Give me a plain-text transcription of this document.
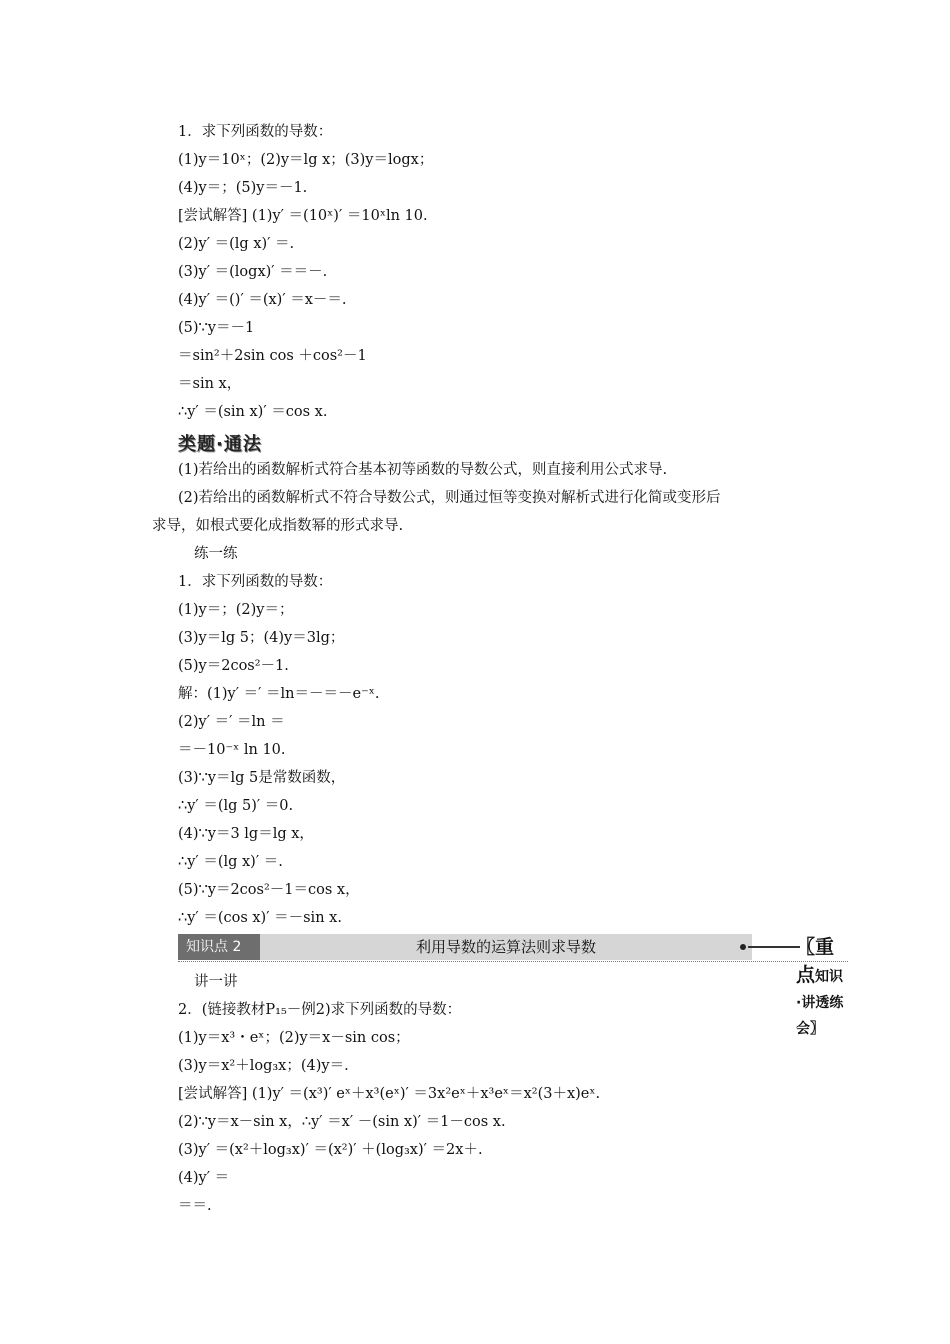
1．求下列函数的导数：
(1)y＝10ˣ；(2)y＝lg x；(3)y＝logx；
(4)y＝；(5)y＝－1.
[尝试解答] (1)y′ ＝(10ˣ)′ ＝10ˣln 10.
(2)y′ ＝(lg x)′ ＝.
(3)y′ ＝(logx)′ ＝＝－.
(4)y′ ＝()′ ＝(x)′ ＝x－＝.
(5)∵y＝－1
＝sin²＋2sin cos ＋cos²－1
＝sin x，
∴y′ ＝(sin x)′ ＝cos x.
类题·通法
(1)若给出的函数解析式符合基本初等函数的导数公式，则直接利用公式求导.
(2)若给出的函数解析式不符合导数公式，则通过恒等变换对解析式进行化简或变形后
求导，如根式要化成指数幂的形式求导.
练一练
1．求下列函数的导数：
(1)y＝；(2)y＝；
(3)y＝lg 5；(4)y＝3lg；
(5)y＝2cos²－1.
解：(1)y′ ＝′ ＝ln＝－＝－e⁻ˣ.
(2)y′ ＝′ ＝ln ＝
＝－10⁻ˣ ln 10.
(3)∵y＝lg 5是常数函数，
∴y′ ＝(lg 5)′ ＝0.
(4)∵y＝3 lg＝lg x，
∴y′ ＝(lg x)′ ＝.
(5)∵y＝2cos²－1＝cos x，
∴y′ ＝(cos x)′ ＝－sin x.
知识点 2	利用导数的运算法则求导数	〖重点知识·讲透练会〗
讲一讲
2．(链接教材P₁₅－例2)求下列函数的导数：
(1)y＝x³・eˣ；(2)y＝x－sin cos；
(3)y＝x²＋log₃x；(4)y＝.
[尝试解答] (1)y′ ＝(x³)′ eˣ＋x³(eˣ)′ ＝3x²eˣ＋x³eˣ＝x²(3＋x)eˣ.
(2)∵y＝x－sin x，∴y′ ＝x′ －(sin x)′ ＝1－cos x.
(3)y′ ＝(x²＋log₃x)′ ＝(x²)′ ＋(log₃x)′ ＝2x＋.
(4)y′ ＝
＝＝.
